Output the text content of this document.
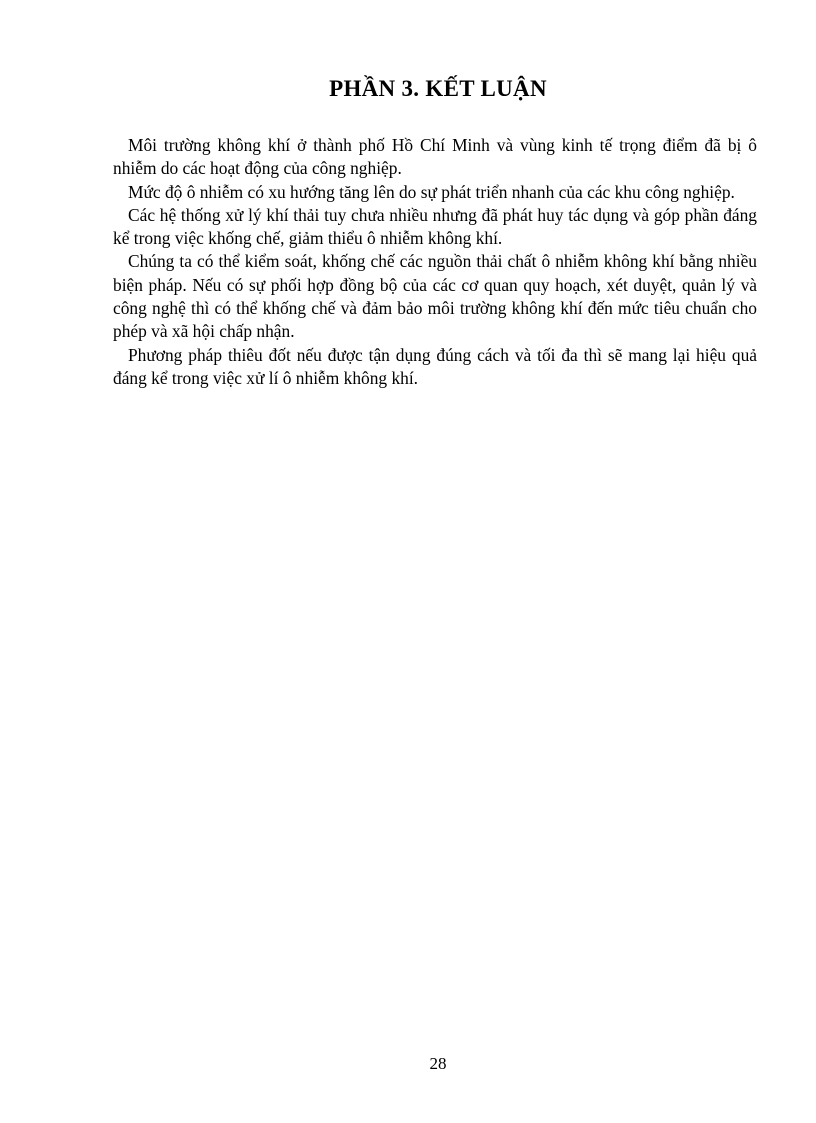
PHẦN 3. KẾT LUẬN

Môi trường không khí ở thành phố Hồ Chí Minh và vùng kinh tế trọng điểm đã bị ô nhiễm do các hoạt động của công nghiệp.

Mức độ ô nhiễm có xu hướng tăng lên do sự phát triển nhanh của các khu công nghiệp.

Các hệ thống xử lý khí thải tuy chưa nhiều nhưng đã phát huy tác dụng và góp phần đáng kể trong việc khống chế, giảm thiểu ô nhiễm không khí.

Chúng ta có thể kiểm soát, khống chế các nguồn thải chất ô nhiễm không khí bằng nhiều biện pháp. Nếu có sự phối hợp đồng bộ của các cơ quan quy hoạch, xét duyệt, quản lý và công nghệ thì có thể khống chế và đảm bảo môi trường không khí đến mức tiêu chuẩn cho phép và xã hội chấp nhận.

Phương pháp thiêu đốt nếu được tận dụng đúng cách và tối đa thì sẽ mang lại hiệu quả đáng kể trong việc xử lí ô nhiễm không khí.

28
